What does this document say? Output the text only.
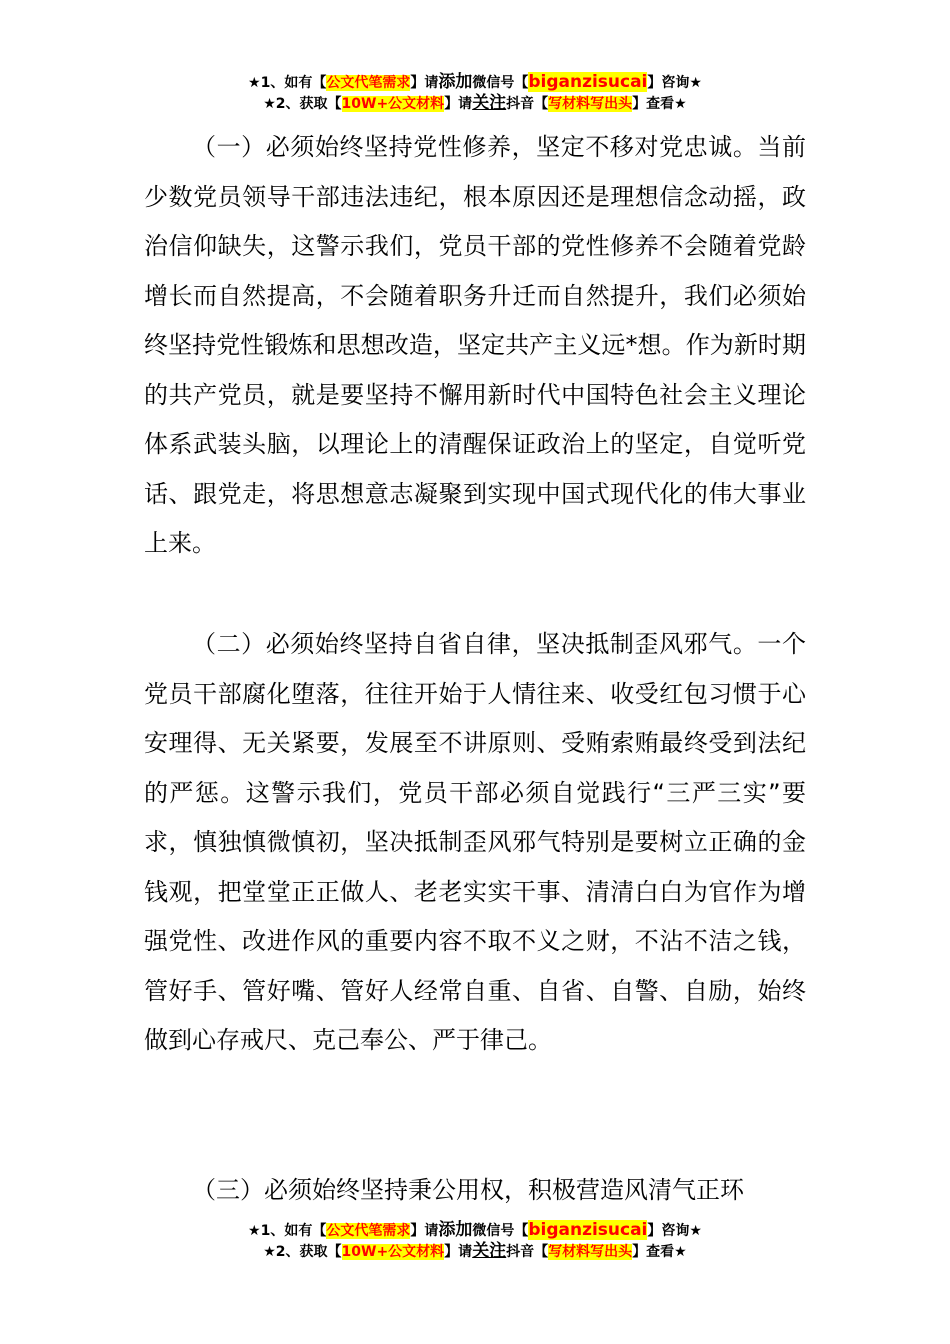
★1、如有【公文代笔需求】请添加微信号【biganzisucai】咨询★
★2、获取【10W+公文材料】请关注抖音【写材料写出头】查看★
（一）必须始终坚持党性修养，坚定不移对党忠诚。当前少数党员领导干部违法违纪，根本原因还是理想信念动摇，政治信仰缺失，这警示我们，党员干部的党性修养不会随着党龄增长而自然提高，不会随着职务升迁而自然提升，我们必须始终坚持党性锻炼和思想改造，坚定共产主义远*想。作为新时期的共产党员，就是要坚持不懈用新时代中国特色社会主义理论体系武装头脑，以理论上的清醒保证政治上的坚定，自觉听党话、跟党走，将思想意志凝聚到实现中国式现代化的伟大事业上来。
（二）必须始终坚持自省自律，坚决抵制歪风邪气。一个党员干部腐化堕落，往往开始于人情往来、收受红包习惯于心安理得、无关紧要，发展至不讲原则、受贿索贿最终受到法纪的严惩。这警示我们，党员干部必须自觉践行“三严三实”要求，慎独慎微慎初，坚决抵制歪风邪气特别是要树立正确的金钱观，把堂堂正正做人、老老实实干事、清清白白为官作为增强党性、改进作风的重要内容不取不义之财，不沾不洁之钱，管好手、管好嘴、管好人经常自重、自省、自警、自励，始终做到心存戒尺、克己奉公、严于律己。
（三）必须始终坚持秉公用权，积极营造风清气正环
★1、如有【公文代笔需求】请添加微信号【biganzisucai】咨询★
★2、获取【10W+公文材料】请关注抖音【写材料写出头】查看★
